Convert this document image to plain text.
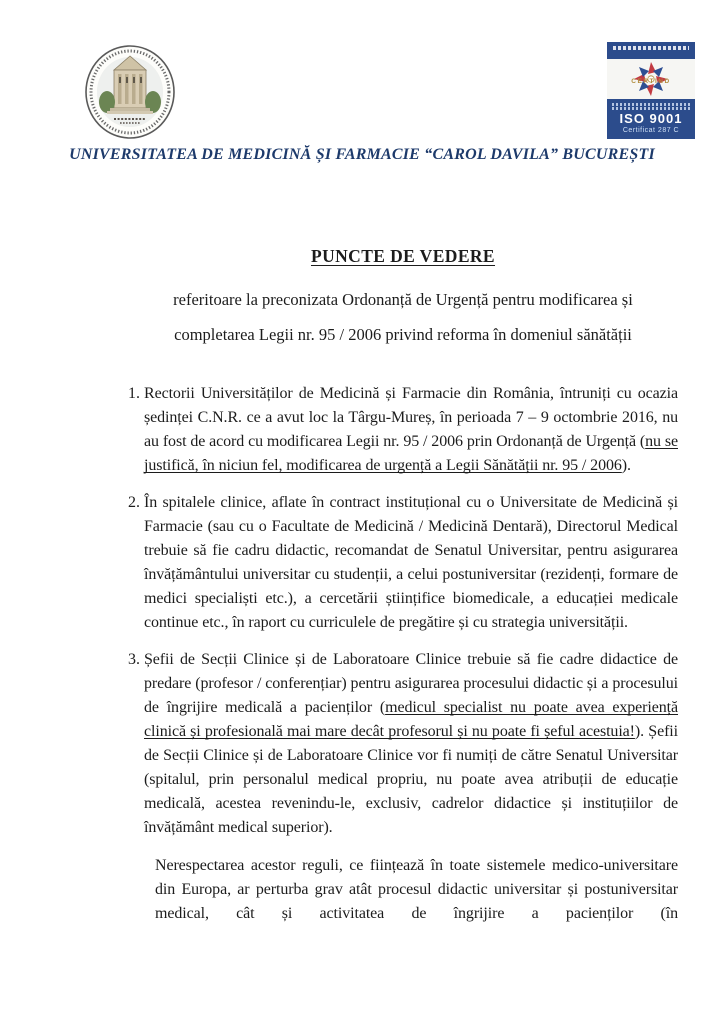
CERTIND
ISO 9001
Certificat 287 C
UNIVERSITATEA DE MEDICINĂ ȘI FARMACIE “CAROL DAVILA” BUCUREȘTI
PUNCTE DE VEDERE
referitoare la preconizata Ordonanță de Urgență pentru modificarea și
completarea Legii nr. 95 / 2006 privind reforma în domeniul sănătății
1. Rectorii Universităților de Medicină și Farmacie din România, întruniți cu ocazia ședinței C.N.R. ce a avut loc la Târgu-Mureș, în perioada 7 – 9 octombrie 2016, nu au fost de acord cu modificarea Legii nr. 95 / 2006 prin Ordonanță de Urgență (nu se justifică, în niciun fel, modificarea de urgență a Legii Sănătății nr. 95 / 2006).
2. În spitalele clinice, aflate în contract instituțional cu o Universitate de Medicină și Farmacie (sau cu o Facultate de Medicină / Medicină Dentară), Directorul Medical trebuie să fie cadru didactic, recomandat de Senatul Universitar, pentru asigurarea învățământului universitar cu studenții, a celui postuniversitar (rezidenți, formare de medici specialiști etc.), a cercetării științifice biomedicale, a educației medicale continue etc., în raport cu curriculele de pregătire și cu strategia universității.
3. Șefii de Secții Clinice și de Laboratoare Clinice trebuie să fie cadre didactice de predare (profesor / conferențiar) pentru asigurarea procesului didactic și a procesului de îngrijire medicală a pacienților (medicul specialist nu poate avea experiență clinică și profesională mai mare decât profesorul și nu poate fi șeful acestuia!). Șefii de Secții Clinice și de Laboratoare Clinice vor fi numiți de către Senatul Universitar (spitalul, prin personalul medical propriu, nu poate avea atribuții de educație medicală, acestea revenindu-le, exclusiv, cadrelor didactice și instituțiilor de învățământ medical superior).
Nerespectarea acestor reguli, ce ființează în toate sistemele medico-universitare din Europa, ar perturba grav atât procesul didactic universitar și postuniversitar medical, cât și activitatea de îngrijire a pacienților (în
